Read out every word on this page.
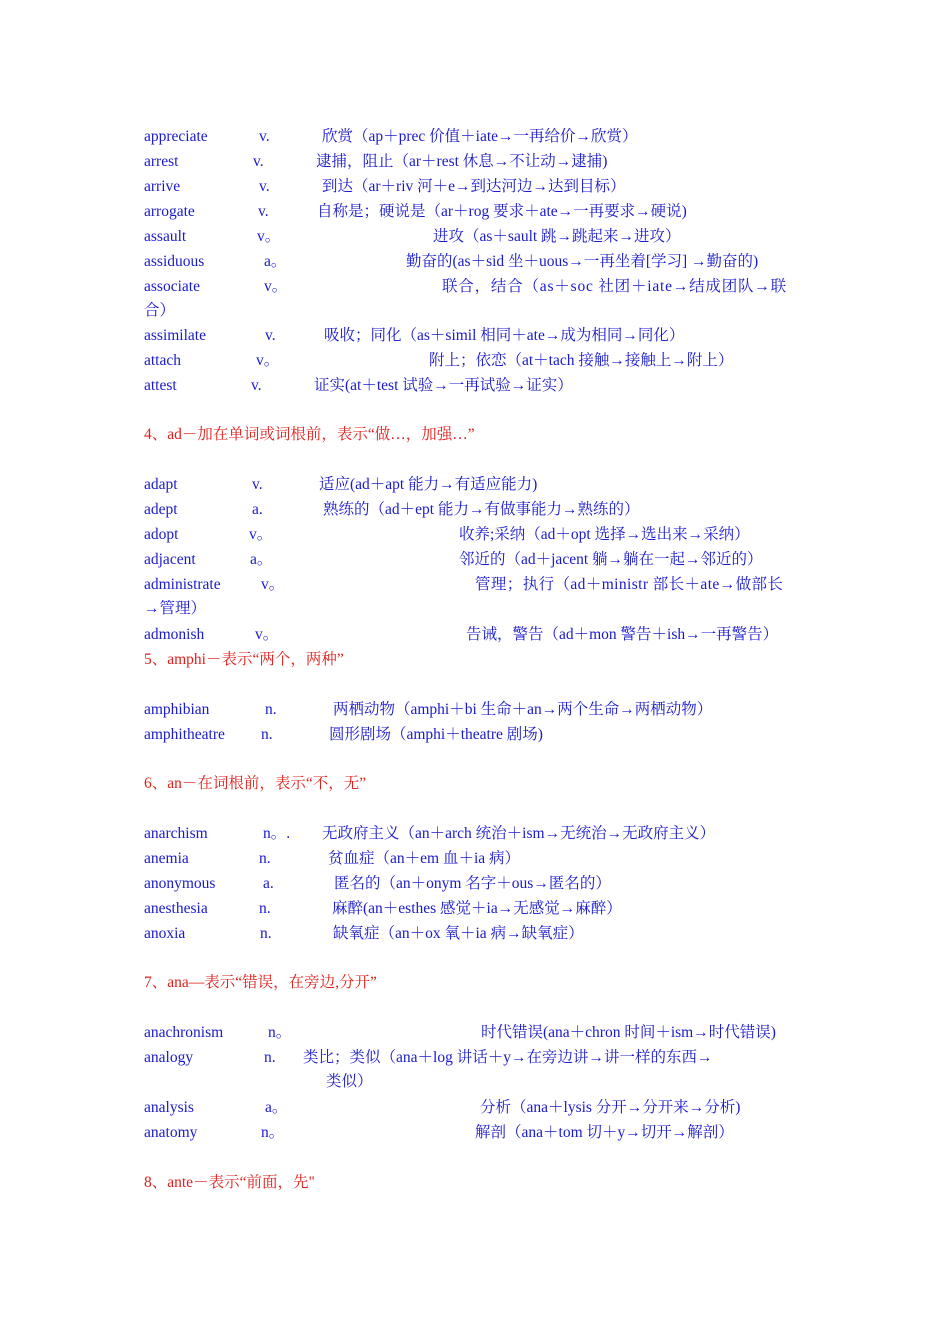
appreciate	v.	欣赏（ap＋prec 价值＋iate→一再给价→欣赏）
arrest	v.	逮捕，阻止（ar＋rest 休息→不让动→逮捕)
arrive	v.	到达（ar＋riv 河＋e→到达河边→达到目标）
arrogate	v.	自称是；硬说是（ar＋rog 要求＋ate→一再要求→硬说)
assault	v。	进攻（as＋sault 跳→跳起来→进攻）
assiduous	a。	勤奋的(as＋sid 坐＋uous→一再坐着[学习] →勤奋的)
associate	v。	联合，结合（as＋soc 社团＋iate→结成团队→联
合）
assimilate	v.	吸收；同化（as＋simil 相同＋ate→成为相同→同化）
attach	v。	附上；依恋（at＋tach 接触→接触上→附上）
attest	v.	证实(at＋test 试验→一再试验→证实）
4、ad－加在单词或词根前，表示“做…，加强…”
adapt	v.	适应(ad＋apt 能力→有适应能力)
adept	a.	熟练的（ad＋ept 能力→有做事能力→熟练的）
adopt	v。	收养;采纳（ad＋opt 选择→选出来→采纳）
adjacent	a。	邻近的（ad＋jacent 躺→躺在一起→邻近的）
administrate	v。	管理；执行（ad＋ministr 部长＋ate→做部长
→管理）
admonish	v。	告诫，警告（ad＋mon 警告＋ish→一再警告）
5、amphi－表示“两个，两种”
amphibian	n.	两栖动物（amphi＋bi 生命＋an→两个生命→两栖动物）
amphitheatre n.	圆形剧场（amphi＋theatre 剧场)
6、an－在词根前，表示“不，无”
anarchism	n。. 无政府主义（an＋arch 统治＋ism→无统治→无政府主义）
anemia	n.	贫血症（an＋em 血＋ia 病）
anonymous	a.	匿名的（an＋onym 名字＋ous→匿名的）
anesthesia	n.	麻醉(an＋esthes 感觉＋ia→无感觉→麻醉）
anoxia	n.	缺氧症（an＋ox 氧＋ia 病→缺氧症）
7、ana—表示“错误，在旁边,分开”
anachronism	n。	时代错误(ana＋chron 时间＋ism→时代错误)
analogy	n. 类比；类似（ana＋log 讲话＋y→在旁边讲→讲一样的东西→
类似）
analysis	a。	分析（ana＋lysis 分开→分开来→分析)
anatomy	n。	解剖（ana＋tom 切＋y→切开→解剖）
8、ante－表示“前面，先"
